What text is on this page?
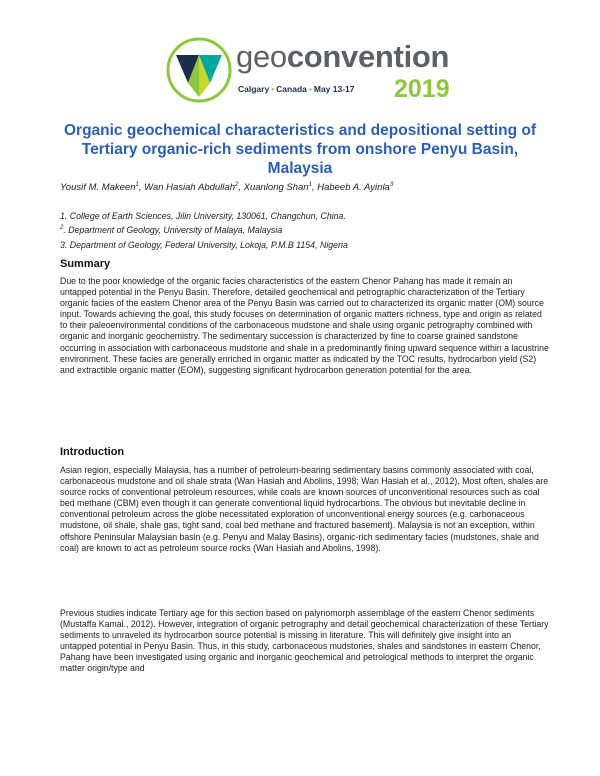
geoconvention
Calgary • Canada • May 13-17 2019
Organic geochemical characteristics and depositional setting of Tertiary organic-rich sediments from onshore Penyu Basin, Malaysia
Yousif M. Makeen$^1$, Wan Hasiah Abdullah$^2$, Xuanlong Shan$^1$, Habeeb A. Ayinla$^3$
1. College of Earth Sciences, Jilin University, 130061, Changchun, China.
$^2$. Department of Geology, University of Malaya, Malaysia
3. Department of Geology, Federal University, Lokoja, P.M.B 1154, Nigeria
Summary

Due to the poor knowledge of the organic facies characteristics of the eastern Chenor Pahang has made it remain an untapped potential in the Penyu Basin. Therefore, detailed geochemical and petrographic characterization of the Tertiary organic facies of the eastern Chenor area of the Penyu Basin was carried out to characterized its organic matter (OM) source input. Towards achieving the goal, this study focuses on determination of organic matters richness, type and origin as related to their paleoenvironmental conditions of the carbonaceous mudstone and shale using organic petrography combined with organic and inorganic geochemistry. The sedimentary succession is characterized by fine to coarse grained sandstone occurring in association with carbonaceous mudstone and shale in a predominantly fining upward sequence within a lacustrine environment. These facies are generally enriched in organic matter as indicated by the TOC results, hydrocarbon yield (S2) and extractible organic matter (EOM), suggesting significant hydrocarbon generation potential for the area.

Introduction

Asian region, especially Malaysia, has a number of petroleum-bearing sedimentary basins commonly associated with coal, carbonaceous mudstone and oil shale strata (Wan Hasiah and Abolins, 1998; Wan Hasiah et al., 2012). Most often, shales are source rocks of conventional petroleum resources, while coals are known sources of unconventional resources such as coal bed methane (CBM) even though it can generate conventional liquid hydrocarbons. The obvious but inevitable decline in conventional petroleum across the globe necessitated exploration of unconventional energy sources (e.g. carbonaceous mudstone, oil shale, shale gas, tight sand, coal bed methane and fractured basement). Malaysia is not an exception, within offshore Peninsular Malaysian basin (e.g. Penyu and Malay Basins), organic-rich sedimentary facies (mudstones, shale and coal) are known to act as petroleum source rocks (Wan Hasiah and Abolins, 1998).

Previous studies indicate Tertiary age for this section based on palynomorph assemblage of the eastern Chenor sediments (Mustaffa Kamal., 2012). However, integration of organic petrography and detail geochemical characterization of these Tertiary sediments to unraveled its hydrocarbon source potential is missing in literature. This will definitely give insight into an untapped potential in Penyu Basin. Thus, in this study, carbonaceous mudstones, shales and sandstones in eastern Chenor, Pahang have been investigated using organic and inorganic geochemical and petrological methods to interpret the organic matter origin/type and
